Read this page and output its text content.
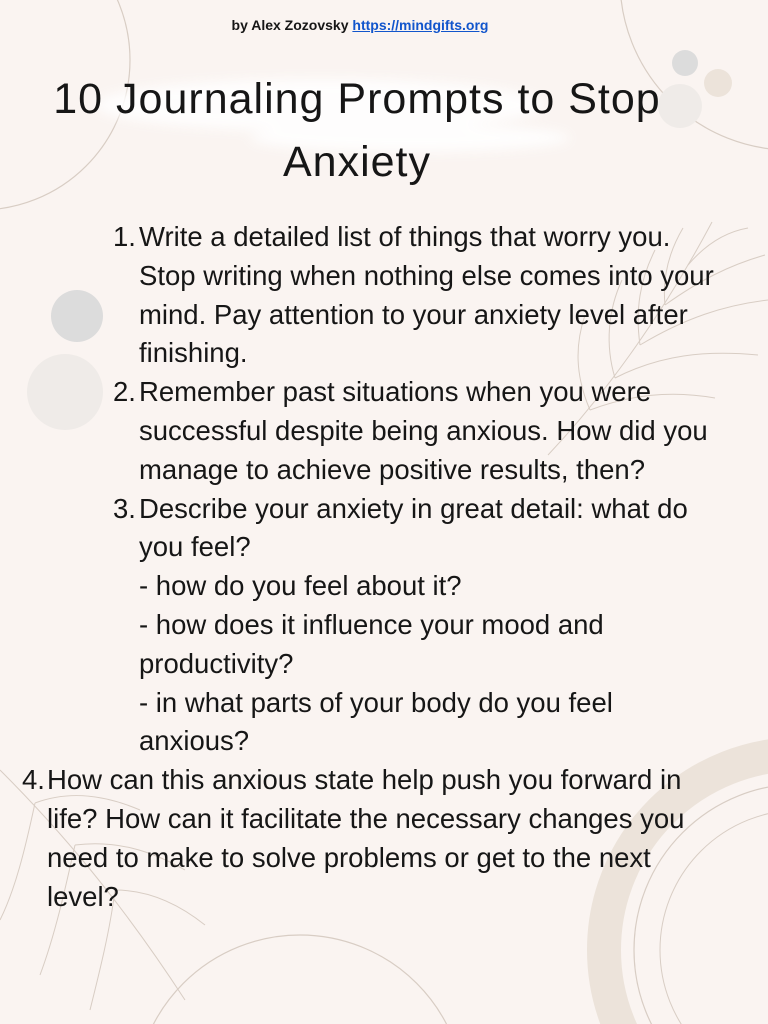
by Alex Zozovsky https://mindgifts.org
10 Journaling Prompts to Stop
Anxiety
1. Write a detailed list of things that worry you.
Stop writing when nothing else comes into your
mind. Pay attention to your anxiety level after
finishing.
2. Remember past situations when you were
successful despite being anxious. How did you
manage to achieve positive results, then?
3. Describe your anxiety in great detail: what do
you feel?
- how do you feel about it?
- how does it influence your mood and
productivity?
- in what parts of your body do you feel
anxious?
4. How can this anxious state help push you forward in
life? How can it facilitate the necessary changes you
need to make to solve problems or get to the next
level?
